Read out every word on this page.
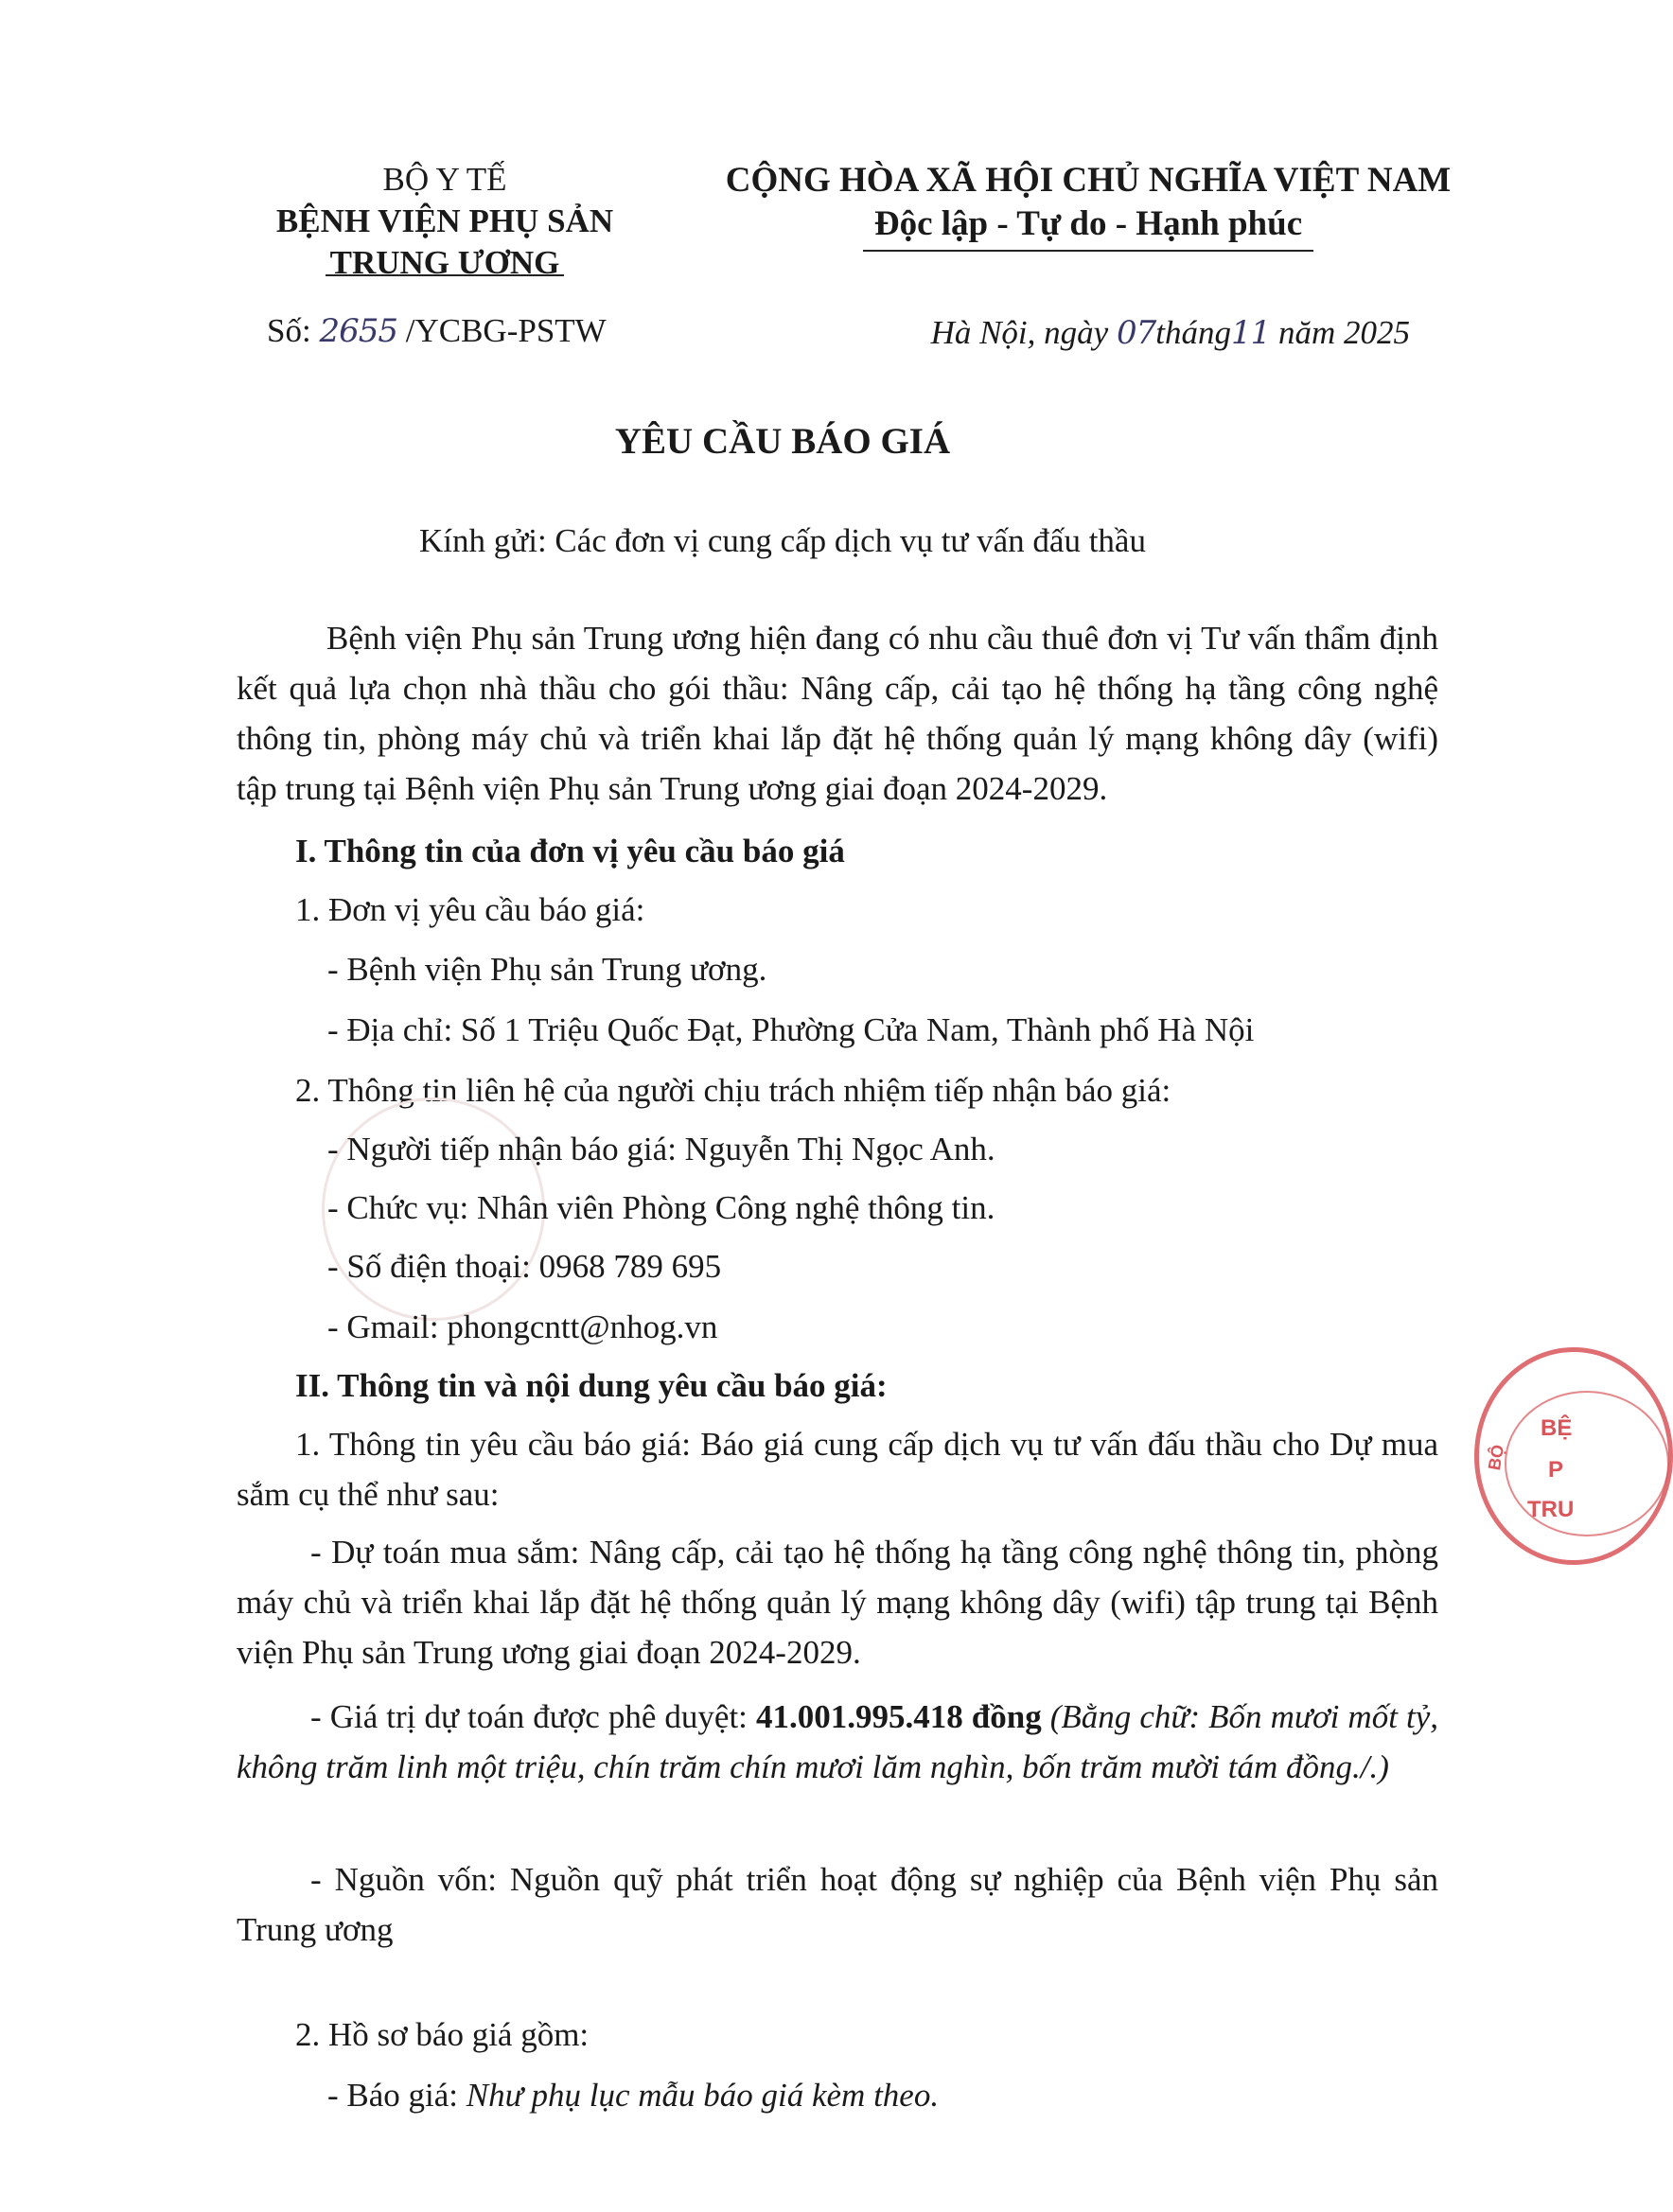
BỘ Y TẾ
BỆNH VIỆN PHỤ SẢN
TRUNG ƯƠNG
CỘNG HÒA XÃ HỘI CHỦ NGHĨA VIỆT NAM
Độc lập - Tự do - Hạnh phúc
Số: 2655 /YCBG-PSTW	Hà Nội, ngày 07tháng11 năm 2025
YÊU CẦU BÁO GIÁ
Kính gửi: Các đơn vị cung cấp dịch vụ tư vấn đấu thầu
Bệnh viện Phụ sản Trung ương hiện đang có nhu cầu thuê đơn vị Tư vấn thẩm định kết quả lựa chọn nhà thầu cho gói thầu: Nâng cấp, cải tạo hệ thống hạ tầng công nghệ thông tin, phòng máy chủ và triển khai lắp đặt hệ thống quản lý mạng không dây (wifi) tập trung tại Bệnh viện Phụ sản Trung ương giai đoạn 2024-2029.
I. Thông tin của đơn vị yêu cầu báo giá
1. Đơn vị yêu cầu báo giá:
- Bệnh viện Phụ sản Trung ương.
- Địa chỉ: Số 1 Triệu Quốc Đạt, Phường Cửa Nam, Thành phố Hà Nội
2. Thông tin liên hệ của người chịu trách nhiệm tiếp nhận báo giá:
- Người tiếp nhận báo giá: Nguyễn Thị Ngọc Anh.
- Chức vụ: Nhân viên Phòng Công nghệ thông tin.
- Số điện thoại: 0968 789 695
- Gmail: phongcntt@nhog.vn
II. Thông tin và nội dung yêu cầu báo giá:
1. Thông tin yêu cầu báo giá: Báo giá cung cấp dịch vụ tư vấn đấu thầu cho Dự mua sắm cụ thể như sau:
- Dự toán mua sắm: Nâng cấp, cải tạo hệ thống hạ tầng công nghệ thông tin, phòng máy chủ và triển khai lắp đặt hệ thống quản lý mạng không dây (wifi) tập trung tại Bệnh viện Phụ sản Trung ương giai đoạn 2024-2029.
- Giá trị dự toán được phê duyệt: 41.001.995.418 đồng (Bằng chữ: Bốn mươi mốt tỷ, không trăm linh một triệu, chín trăm chín mươi lăm nghìn, bốn trăm mười tám đồng./.)
- Nguồn vốn: Nguồn quỹ phát triển hoạt động sự nghiệp của Bệnh viện Phụ sản Trung ương
2. Hồ sơ báo giá gồm:
- Báo giá: Như phụ lục mẫu báo giá kèm theo.
BỆ
P
TRU
BỘ
